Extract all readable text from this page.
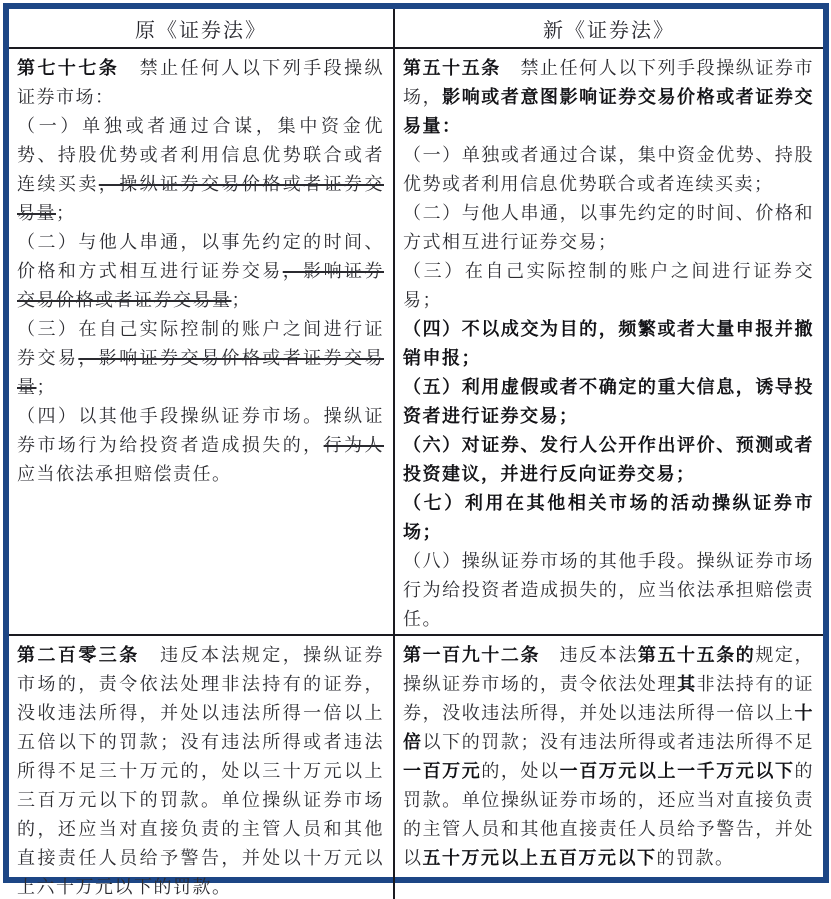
原《证券法》	新《证券法》

第七十七条　禁止任何人以下列手段操纵证券市场：

（一）单独或者通过合谋，集中资金优势、持股优势或者利用信息优势联合或者连续买卖，操纵证券交易价格或者证券交易量；

（二）与他人串通，以事先约定的时间、价格和方式相互进行证券交易，影响证券交易价格或者证券交易量；

（三）在自己实际控制的账户之间进行证券交易，影响证券交易价格或者证券交易量；

（四）以其他手段操纵证券市场。操纵证券市场行为给投资者造成损失的，行为人应当依法承担赔偿责任。

第五十五条　禁止任何人以下列手段操纵证券市场，影响或者意图影响证券交易价格或者证券交易量：

（一）单独或者通过合谋，集中资金优势、持股优势或者利用信息优势联合或者连续买卖；

（二）与他人串通，以事先约定的时间、价格和方式相互进行证券交易；

（三）在自己实际控制的账户之间进行证券交易；

（四）不以成交为目的，频繁或者大量申报并撤销申报；

（五）利用虚假或者不确定的重大信息，诱导投资者进行证券交易；

（六）对证券、发行人公开作出评价、预测或者投资建议，并进行反向证券交易；

（七）利用在其他相关市场的活动操纵证券市场；

（八）操纵证券市场的其他手段。操纵证券市场行为给投资者造成损失的，应当依法承担赔偿责任。

第二百零三条　违反本法规定，操纵证券市场的，责令依法处理非法持有的证券，没收违法所得，并处以违法所得一倍以上五倍以下的罚款；没有违法所得或者违法所得不足三十万元的，处以三十万元以上三百万元以下的罚款。单位操纵证券市场的，还应当对直接负责的主管人员和其他直接责任人员给予警告，并处以十万元以上六十万元以下的罚款。

第一百九十二条　违反本法第五十五条的规定，操纵证券市场的，责令依法处理其非法持有的证券，没收违法所得，并处以违法所得一倍以上十倍以下的罚款；没有违法所得或者违法所得不足一百万元的，处以一百万元以上一千万元以下的罚款。单位操纵证券市场的，还应当对直接负责的主管人员和其他直接责任人员给予警告，并处以五十万元以上五百万元以下的罚款。
